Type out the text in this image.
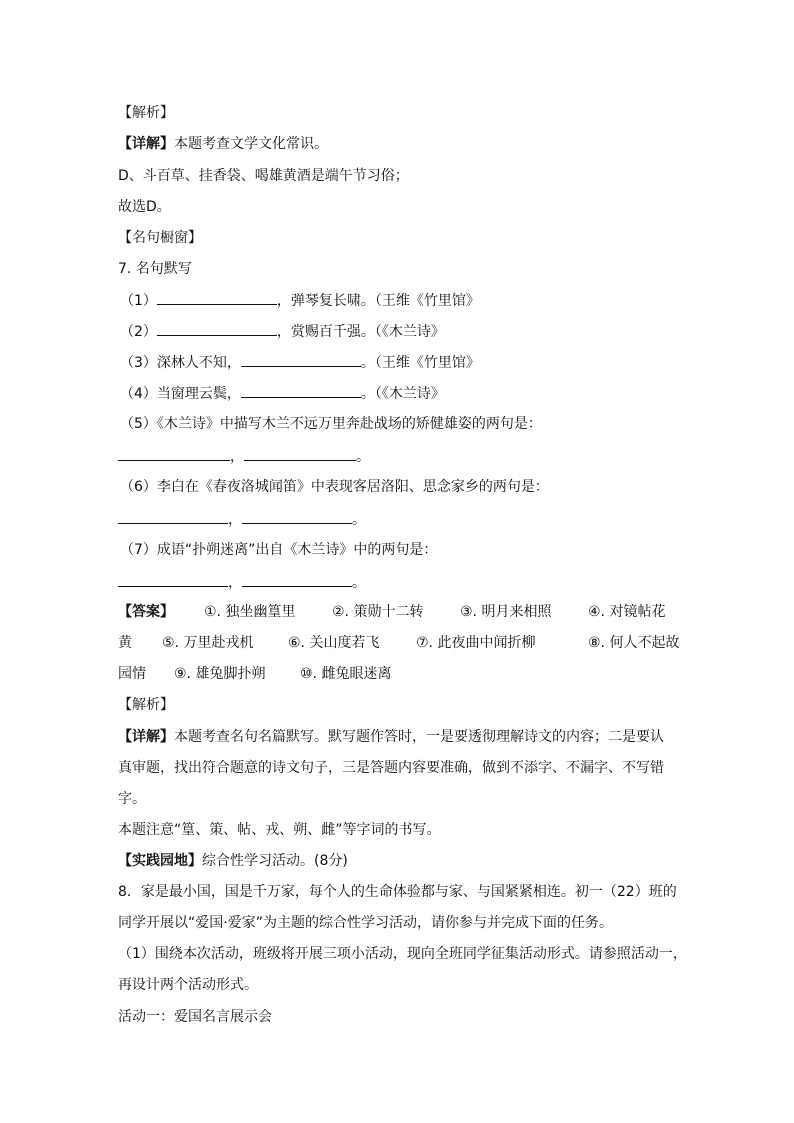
【解析】
【详解】本题考查文学文化常识。
D、斗百草、挂香袋、喝雄黄酒是端午节习俗；
故选D。
【名句橱窗】
7. 名句默写
（1）	，弹琴复长啸。（王维《竹里馆》
（2）	，赏赐百千强。（《木兰诗》
（3）深林人不知，	。（王维《竹里馆》
（4）当窗理云鬓，	。（《木兰诗》
（5）《木兰诗》中描写木兰不远万里奔赴战场的矫健雄姿的两句是：
，	。
（6）李白在《春夜洛城闻笛》中表现客居洛阳、思念家乡的两句是：
，	。
（7）成语“扑朔迷离”出自《木兰诗》中的两句是：
，	。
【答案】 ①. 独坐幽篁里	②. 策勋十二转	③. 明月来相照	④. 对镜帖花
黄 ⑤. 万里赴戎机 ⑥. 关山度若飞	⑦. 此夜曲中闻折柳	⑧. 何人不起故
园情 ⑨. 雄兔脚扑朔 ⑩. 雌兔眼迷离
【解析】
【详解】本题考查名句名篇默写。默写题作答时，一是要透彻理解诗文的内容；二是要认
真审题，找出符合题意的诗文句子，三是答题内容要准确，做到不添字、不漏字、不写错
字。
本题注意“篁、策、帖、戎、朔、雌”等字词的书写。
【实践园地】综合性学习活动。(8分)
8．家是最小国，国是千万家，每个人的生命体验都与家、与国紧紧相连。初一（22）班的
同学开展以“爱国·爱家”为主题的综合性学习活动，请你参与并完成下面的任务。
（1）围绕本次活动，班级将开展三项小活动，现向全班同学征集活动形式。请参照活动一，
再设计两个活动形式。
活动一：爱国名言展示会
